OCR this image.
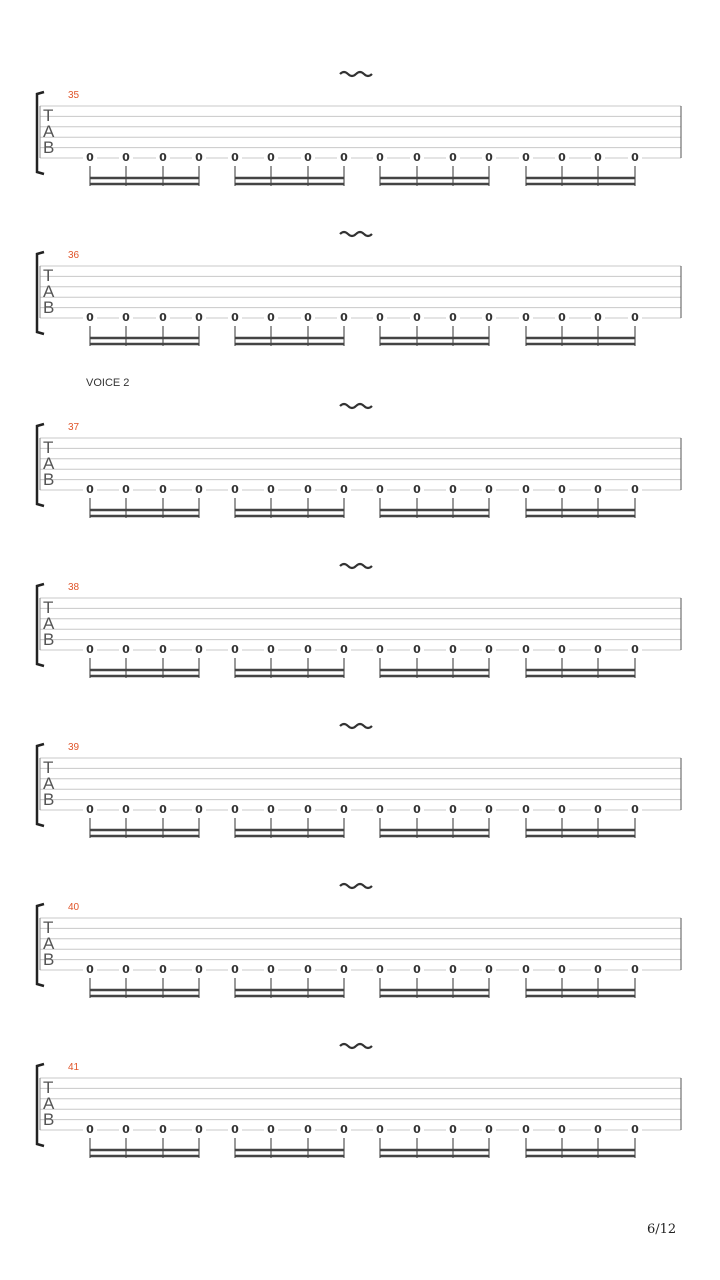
VOICE 2
6/12
35
T
A
B
0	0	0	0	0	0	0	0	0	0	0	0	0	0	0	0
36
T
A
B
0	0	0	0	0	0	0	0	0	0	0	0	0	0	0	0
37
T
A
B
0	0	0	0	0	0	0	0	0	0	0	0	0	0	0	0
38
T
A
B
0	0	0	0	0	0	0	0	0	0	0	0	0	0	0	0
39
T
A
B
0	0	0	0	0	0	0	0	0	0	0	0	0	0	0	0
40
T
A
B
0	0	0	0	0	0	0	0	0	0	0	0	0	0	0	0
41
T
A
B
0	0	0	0	0	0	0	0	0	0	0	0	0	0	0	0
